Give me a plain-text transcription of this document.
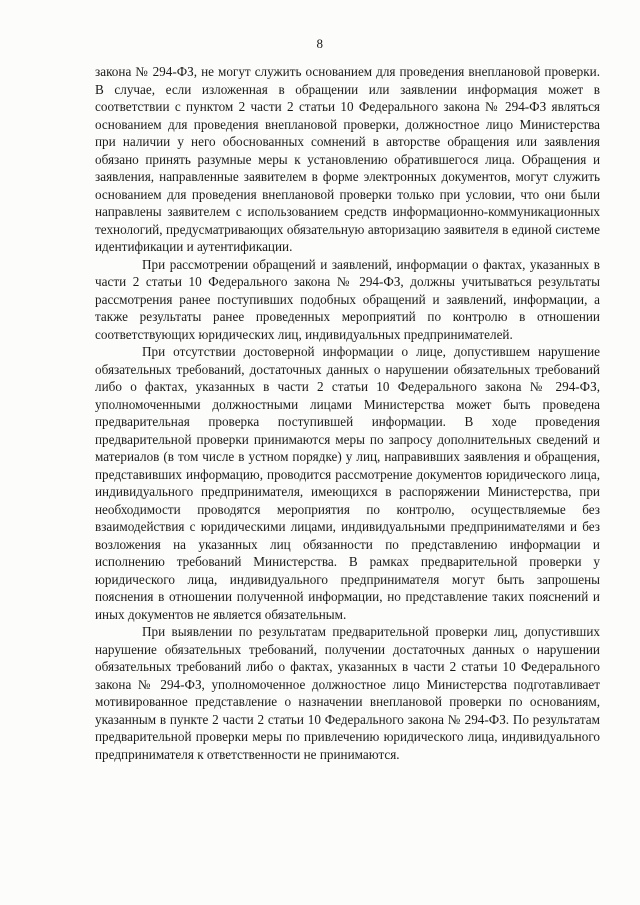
8

закона № 294-ФЗ, не могут служить основанием для проведения внеплановой проверки. В случае, если изложенная в обращении или заявлении информация может в соответствии с пунктом 2 части 2 статьи 10 Федерального закона № 294-ФЗ являться основанием для проведения внеплановой проверки, должностное лицо Министерства при наличии у него обоснованных сомнений в авторстве обращения или заявления обязано принять разумные меры к установлению обратившегося лица. Обращения и заявления, направленные заявителем в форме электронных документов, могут служить основанием для проведения внеплановой проверки только при условии, что они были направлены заявителем с использованием средств информационно-коммуникационных технологий, предусматривающих обязательную авторизацию заявителя в единой системе идентификации и аутентификации.

При рассмотрении обращений и заявлений, информации о фактах, указанных в части 2 статьи 10 Федерального закона № 294-ФЗ, должны учитываться результаты рассмотрения ранее поступивших подобных обращений и заявлений, информации, а также результаты ранее проведенных мероприятий по контролю в отношении соответствующих юридических лиц, индивидуальных предпринимателей.

При отсутствии достоверной информации о лице, допустившем нарушение обязательных требований, достаточных данных о нарушении обязательных требований либо о фактах, указанных в части 2 статьи 10 Федерального закона № 294-ФЗ, уполномоченными должностными лицами Министерства может быть проведена предварительная проверка поступившей информации. В ходе проведения предварительной проверки принимаются меры по запросу дополнительных сведений и материалов (в том числе в устном порядке) у лиц, направивших заявления и обращения, представивших информацию, проводится рассмотрение документов юридического лица, индивидуального предпринимателя, имеющихся в распоряжении Министерства, при необходимости проводятся мероприятия по контролю, осуществляемые без взаимодействия с юридическими лицами, индивидуальными предпринимателями и без возложения на указанных лиц обязанности по представлению информации и исполнению требований Министерства. В рамках предварительной проверки у юридического лица, индивидуального предпринимателя могут быть запрошены пояснения в отношении полученной информации, но представление таких пояснений и иных документов не является обязательным.

При выявлении по результатам предварительной проверки лиц, допустивших нарушение обязательных требований, получении достаточных данных о нарушении обязательных требований либо о фактах, указанных в части 2 статьи 10 Федерального закона № 294-ФЗ, уполномоченное должностное лицо Министерства подготавливает мотивированное представление о назначении внеплановой проверки по основаниям, указанным в пункте 2 части 2 статьи 10 Федерального закона № 294-ФЗ. По результатам предварительной проверки меры по привлечению юридического лица, индивидуального предпринимателя к ответственности не принимаются.
